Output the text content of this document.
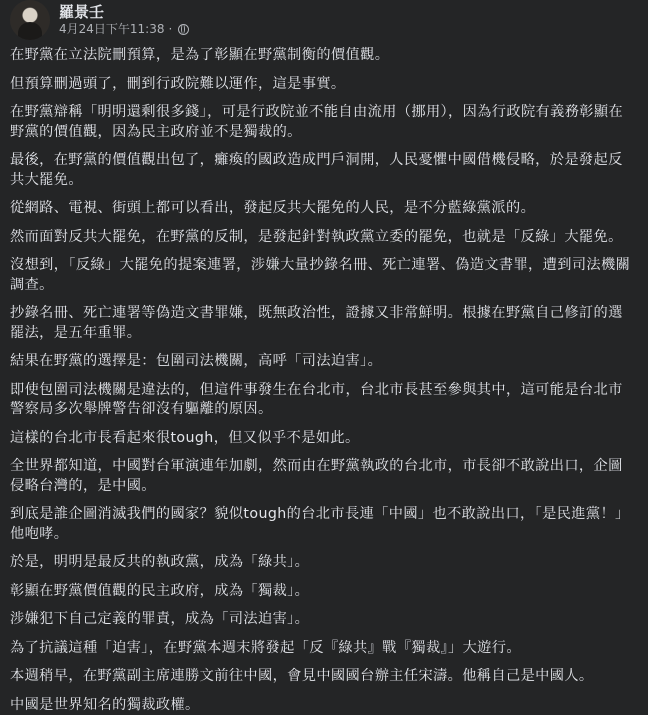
羅景壬
4月24日下午11:38 ·

在野黨在立法院刪預算，是為了彰顯在野黨制衡的價值觀。

但預算刪過頭了，刪到行政院難以運作，這是事實。

在野黨辯稱「明明還剩很多錢」，可是行政院並不能自由流用（挪用），因為行政院有義務彰顯在野黨的價值觀，因為民主政府並不是獨裁的。

最後，在野黨的價值觀出包了，癱瘓的國政造成門戶洞開，人民憂懼中國借機侵略，於是發起反共大罷免。

從網路、電視、街頭上都可以看出，發起反共大罷免的人民，是不分藍綠黨派的。

然而面對反共大罷免，在野黨的反制，是發起針對執政黨立委的罷免，也就是「反綠」大罷免。

沒想到，「反綠」大罷免的提案連署，涉嫌大量抄錄名冊、死亡連署、偽造文書罪，遭到司法機關調查。

抄錄名冊、死亡連署等偽造文書罪嫌，既無政治性，證據又非常鮮明。根據在野黨自己修訂的選罷法，是五年重罪。

結果在野黨的選擇是：包圍司法機關，高呼「司法迫害」。

即使包圍司法機關是違法的，但這件事發生在台北市，台北市長甚至參與其中，這可能是台北市警察局多次舉牌警告卻沒有驅離的原因。

這樣的台北市長看起來很tough，但又似乎不是如此。

全世界都知道，中國對台軍演連年加劇，然而由在野黨執政的台北市，市長卻不敢說出口，企圖侵略台灣的，是中國。

到底是誰企圖消滅我們的國家？貌似tough的台北市長連「中國」也不敢說出口，「是民進黨！」他咆哮。

於是，明明是最反共的執政黨，成為「綠共」。

彰顯在野黨價值觀的民主政府，成為「獨裁」。

涉嫌犯下自己定義的罪責，成為「司法迫害」。

為了抗議這種「迫害」，在野黨本週末將發起「反『綠共』戰『獨裁』」大遊行。

本週稍早，在野黨副主席連勝文前往中國，會見中國國台辦主任宋濤。他稱自己是中國人。

中國是世界知名的獨裁政權。
